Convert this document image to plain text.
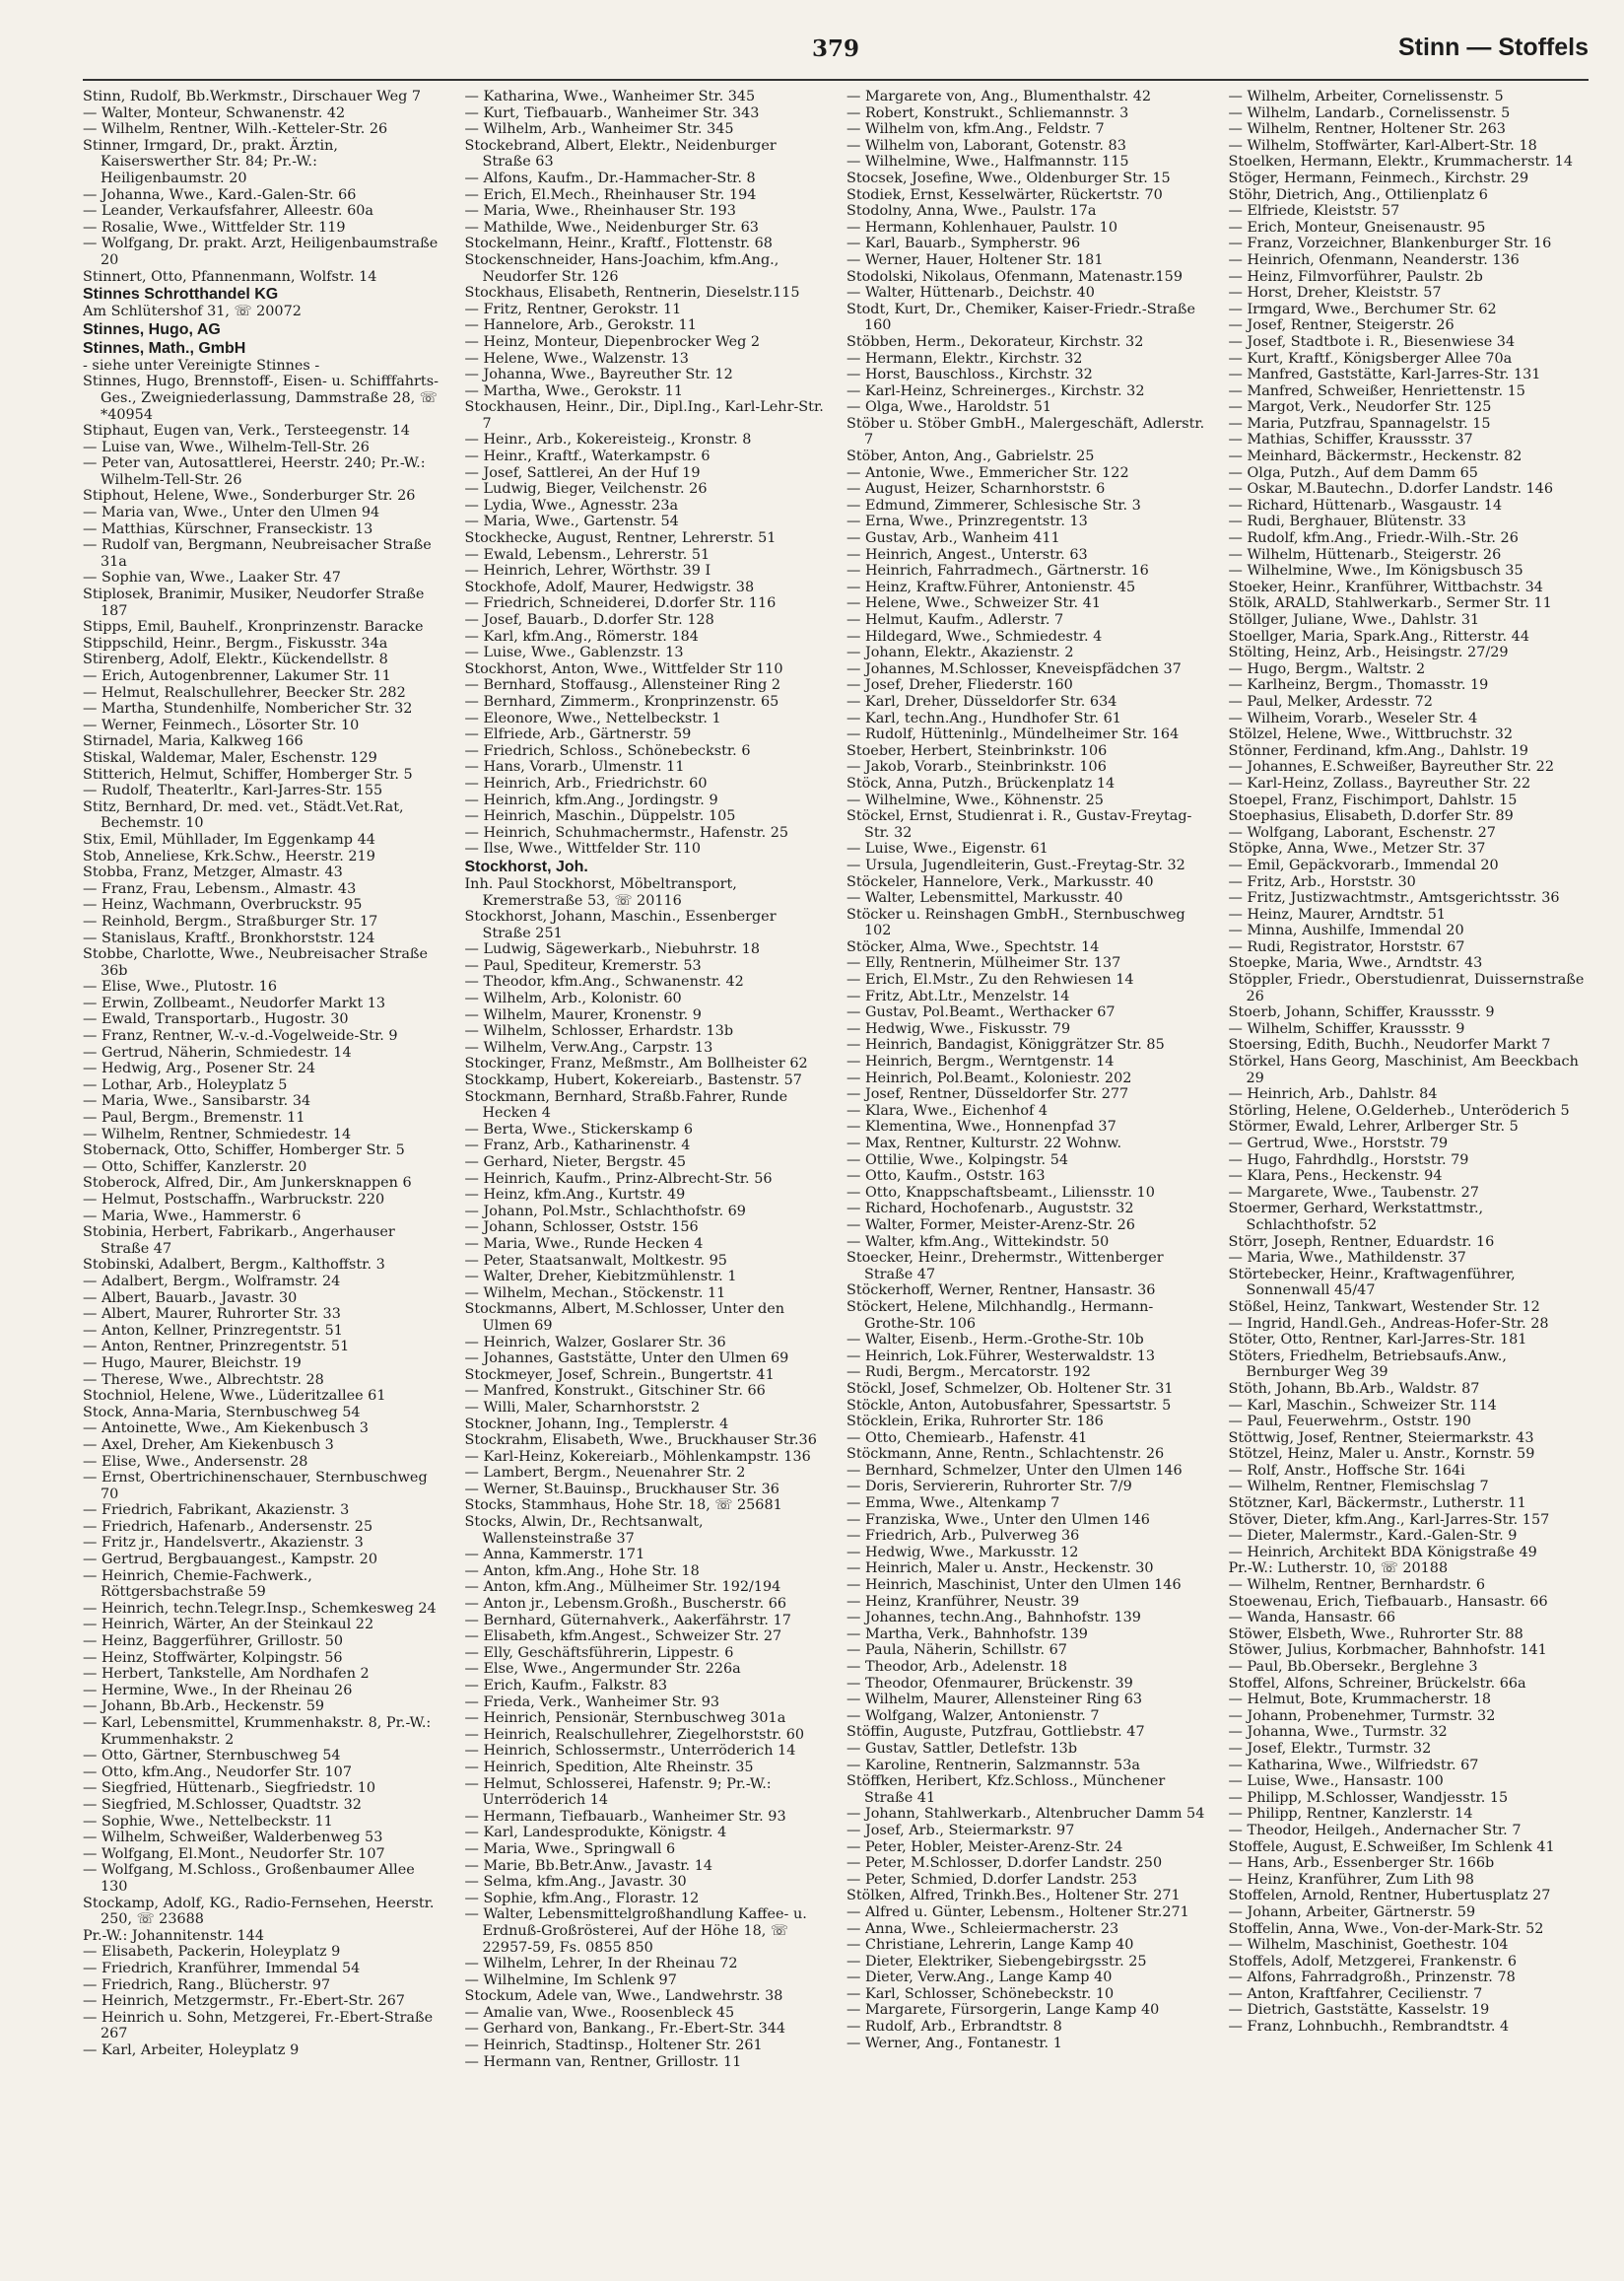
379	Stinn — Stoffels

Stinn, Rudolf, Bb.Werkmstr., Dirschauer Weg 7

— Walter, Monteur, Schwanenstr. 42

— Wilhelm, Rentner, Wilh.-Ketteler-Str. 26

Stinner, Irmgard, Dr., prakt. Ärztin, Kaiserswerther Str. 84; Pr.-W.: Heiligenbaumstr. 20

— Johanna, Wwe., Kard.-Galen-Str. 66

— Leander, Verkaufsfahrer, Alleestr. 60a

— Rosalie, Wwe., Wittfelder Str. 119

— Wolfgang, Dr. prakt. Arzt, Heiligenbaumstraße 20

Stinnert, Otto, Pfannenmann, Wolfstr. 14

Stinnes Schrotthandel KG

Am Schlütershof 31, ☏ 20072

Stinnes, Hugo, AG

Stinnes, Math., GmbH

- siehe unter Vereinigte Stinnes -

Stinnes, Hugo, Brennstoff-, Eisen- u. Schifffahrts-Ges., Zweigniederlassung, Dammstraße 28, ☏ *40954

Stiphaut, Eugen van, Verk., Tersteegenstr. 14

— Luise van, Wwe., Wilhelm-Tell-Str. 26

— Peter van, Autosattlerei, Heerstr. 240; Pr.-W.: Wilhelm-Tell-Str. 26

Stiphout, Helene, Wwe., Sonderburger Str. 26

— Maria van, Wwe., Unter den Ulmen 94

— Matthias, Kürschner, Franseckistr. 13

— Rudolf van, Bergmann, Neubreisacher Straße 31a

— Sophie van, Wwe., Laaker Str. 47

Stiplosek, Branimir, Musiker, Neudorfer Straße 187

Stipps, Emil, Bauhelf., Kronprinzenstr. Baracke

Stippschild, Heinr., Bergm., Fiskusstr. 34a

Stirenberg, Adolf, Elektr., Kückendellstr. 8

— Erich, Autogenbrenner, Lakumer Str. 11

— Helmut, Realschullehrer, Beecker Str. 282

— Martha, Stundenhilfe, Nombericher Str. 32

— Werner, Feinmech., Lösorter Str. 10

Stirnadel, Maria, Kalkweg 166

Stiskal, Waldemar, Maler, Eschenstr. 129

Stitterich, Helmut, Schiffer, Homberger Str. 5

— Rudolf, Theaterltr., Karl-Jarres-Str. 155

Stitz, Bernhard, Dr. med. vet., Städt.Vet.Rat, Bechemstr. 10

Stix, Emil, Mühllader, Im Eggenkamp 44

Stob, Anneliese, Krk.Schw., Heerstr. 219

Stobba, Franz, Metzger, Almastr. 43

— Franz, Frau, Lebensm., Almastr. 43

— Heinz, Wachmann, Overbruckstr. 95

— Reinhold, Bergm., Straßburger Str. 17

— Stanislaus, Kraftf., Bronkhorststr. 124

Stobbe, Charlotte, Wwe., Neubreisacher Straße 36b

— Elise, Wwe., Plutostr. 16

— Erwin, Zollbeamt., Neudorfer Markt 13

— Ewald, Transportarb., Hugostr. 30

— Franz, Rentner, W.-v.-d.-Vogelweide-Str. 9

— Gertrud, Näherin, Schmiedestr. 14

— Hedwig, Arg., Posener Str. 24

— Lothar, Arb., Holeyplatz 5

— Maria, Wwe., Sansibarstr. 34

— Paul, Bergm., Bremenstr. 11

— Wilhelm, Rentner, Schmiedestr. 14

Stobernack, Otto, Schiffer, Homberger Str. 5

— Otto, Schiffer, Kanzlerstr. 20

Stoberock, Alfred, Dir., Am Junkersknappen 6

— Helmut, Postschaffn., Warbruckstr. 220

— Maria, Wwe., Hammerstr. 6

Stobinia, Herbert, Fabrikarb., Angerhauser Straße 47

Stobinski, Adalbert, Bergm., Kalthoffstr. 3

— Adalbert, Bergm., Wolframstr. 24

— Albert, Bauarb., Javastr. 30

— Albert, Maurer, Ruhrorter Str. 33

— Anton, Kellner, Prinzregentstr. 51

— Anton, Rentner, Prinzregentstr. 51

— Hugo, Maurer, Bleichstr. 19

— Therese, Wwe., Albrechtstr. 28

Stochniol, Helene, Wwe., Lüderitzallee 61

Stock, Anna-Maria, Sternbuschweg 54

— Antoinette, Wwe., Am Kiekenbusch 3

— Axel, Dreher, Am Kiekenbusch 3

— Elise, Wwe., Andersenstr. 28

— Ernst, Obertrichinenschauer, Sternbuschweg 70

— Friedrich, Fabrikant, Akazienstr. 3

— Friedrich, Hafenarb., Andersenstr. 25

— Fritz jr., Handelsvertr., Akazienstr. 3

— Gertrud, Bergbauangest., Kampstr. 20

— Heinrich, Chemie-Fachwerk., Röttgersbachstraße 59

— Heinrich, techn.Telegr.Insp., Schemkesweg 24

— Heinrich, Wärter, An der Steinkaul 22

— Heinz, Baggerführer, Grillostr. 50

— Heinz, Stoffwärter, Kolpingstr. 56

— Herbert, Tankstelle, Am Nordhafen 2

— Hermine, Wwe., In der Rheinau 26

— Johann, Bb.Arb., Heckenstr. 59

— Karl, Lebensmittel, Krummenhakstr. 8, Pr.-W.: Krummenhakstr. 2

— Otto, Gärtner, Sternbuschweg 54

— Otto, kfm.Ang., Neudorfer Str. 107

— Siegfried, Hüttenarb., Siegfriedstr. 10

— Siegfried, M.Schlosser, Quadtstr. 32

— Sophie, Wwe., Nettelbeckstr. 11

— Wilhelm, Schweißer, Walderbenweg 53

— Wolfgang, El.Mont., Neudorfer Str. 107

— Wolfgang, M.Schloss., Großenbaumer Allee 130

Stockamp, Adolf, KG., Radio-Fernsehen, Heerstr. 250, ☏ 23688

Pr.-W.: Johannitenstr. 144

— Elisabeth, Packerin, Holeyplatz 9

— Friedrich, Kranführer, Immendal 54

— Friedrich, Rang., Blücherstr. 97

— Heinrich, Metzgermstr., Fr.-Ebert-Str. 267

— Heinrich u. Sohn, Metzgerei, Fr.-Ebert-Straße 267

— Karl, Arbeiter, Holeyplatz 9

— Katharina, Wwe., Wanheimer Str. 345

— Kurt, Tiefbauarb., Wanheimer Str. 343

— Wilhelm, Arb., Wanheimer Str. 345

Stockebrand, Albert, Elektr., Neidenburger Straße 63

— Alfons, Kaufm., Dr.-Hammacher-Str. 8

— Erich, El.Mech., Rheinhauser Str. 194

— Maria, Wwe., Rheinhauser Str. 193

— Mathilde, Wwe., Neidenburger Str. 63

Stockelmann, Heinr., Kraftf., Flottenstr. 68

Stockenschneider, Hans-Joachim, kfm.Ang., Neudorfer Str. 126

Stockhaus, Elisabeth, Rentnerin, Dieselstr.115

— Fritz, Rentner, Gerokstr. 11

— Hannelore, Arb., Gerokstr. 11

— Heinz, Monteur, Diepenbrocker Weg 2

— Helene, Wwe., Walzenstr. 13

— Johanna, Wwe., Bayreuther Str. 12

— Martha, Wwe., Gerokstr. 11

Stockhausen, Heinr., Dir., Dipl.Ing., Karl-Lehr-Str. 7

— Heinr., Arb., Kokereisteig., Kronstr. 8

— Heinr., Kraftf., Waterkampstr. 6

— Josef, Sattlerei, An der Huf 19

— Ludwig, Bieger, Veilchenstr. 26

— Lydia, Wwe., Agnesstr. 23a

— Maria, Wwe., Gartenstr. 54

Stockhecke, August, Rentner, Lehrerstr. 51

— Ewald, Lebensm., Lehrerstr. 51

— Heinrich, Lehrer, Wörthstr. 39 I

Stockhofe, Adolf, Maurer, Hedwigstr. 38

— Friedrich, Schneiderei, D.dorfer Str. 116

— Josef, Bauarb., D.dorfer Str. 128

— Karl, kfm.Ang., Römerstr. 184

— Luise, Wwe., Gablenzstr. 13

Stockhorst, Anton, Wwe., Wittfelder Str 110

— Bernhard, Stoffausg., Allensteiner Ring 2

— Bernhard, Zimmerm., Kronprinzenstr. 65

— Eleonore, Wwe., Nettelbeckstr. 1

— Elfriede, Arb., Gärtnerstr. 59

— Friedrich, Schloss., Schönebeckstr. 6

— Hans, Vorarb., Ulmenstr. 11

— Heinrich, Arb., Friedrichstr. 60

— Heinrich, kfm.Ang., Jordingstr. 9

— Heinrich, Maschin., Düppelstr. 105

— Heinrich, Schuhmachermstr., Hafenstr. 25

— Ilse, Wwe., Wittfelder Str. 110

Stockhorst, Joh.

Inh. Paul Stockhorst, Möbeltransport, Kremerstraße 53, ☏ 20116

Stockhorst, Johann, Maschin., Essenberger Straße 251

— Ludwig, Sägewerkarb., Niebuhrstr. 18

— Paul, Spediteur, Kremerstr. 53

— Theodor, kfm.Ang., Schwanenstr. 42

— Wilhelm, Arb., Kolonistr. 60

— Wilhelm, Maurer, Kronenstr. 9

— Wilhelm, Schlosser, Erhardstr. 13b

— Wilhelm, Verw.Ang., Carpstr. 13

Stockinger, Franz, Meßmstr., Am Bollheister 62

Stockkamp, Hubert, Kokereiarb., Bastenstr. 57

Stockmann, Bernhard, Straßb.Fahrer, Runde Hecken 4

— Berta, Wwe., Stickerskamp 6

— Franz, Arb., Katharinenstr. 4

— Gerhard, Nieter, Bergstr. 45

— Heinrich, Kaufm., Prinz-Albrecht-Str. 56

— Heinz, kfm.Ang., Kurtstr. 49

— Johann, Pol.Mstr., Schlachthofstr. 69

— Johann, Schlosser, Oststr. 156

— Maria, Wwe., Runde Hecken 4

— Peter, Staatsanwalt, Moltkestr. 95

— Walter, Dreher, Kiebitzmühlenstr. 1

— Wilhelm, Mechan., Stöckenstr. 11

Stockmanns, Albert, M.Schlosser, Unter den Ulmen 69

— Heinrich, Walzer, Goslarer Str. 36

— Johannes, Gaststätte, Unter den Ulmen 69

Stockmeyer, Josef, Schrein., Bungertstr. 41

— Manfred, Konstrukt., Gitschiner Str. 66

— Willi, Maler, Scharnhorststr. 2

Stockner, Johann, Ing., Templerstr. 4

Stockrahm, Elisabeth, Wwe., Bruckhauser Str.36

— Karl-Heinz, Kokereiarb., Möhlenkampstr. 136

— Lambert, Bergm., Neuenahrer Str. 2

— Werner, St.Bauinsp., Bruckhauser Str. 36

Stocks, Stammhaus, Hohe Str. 18, ☏ 25681

Stocks, Alwin, Dr., Rechtsanwalt, Wallensteinstraße 37

— Anna, Kammerstr. 171

— Anton, kfm.Ang., Hohe Str. 18

— Anton, kfm.Ang., Mülheimer Str. 192/194

— Anton jr., Lebensm.Großh., Buscherstr. 66

— Bernhard, Güternahverk., Aakerfährstr. 17

— Elisabeth, kfm.Angest., Schweizer Str. 27

— Elly, Geschäftsführerin, Lippestr. 6

— Else, Wwe., Angermunder Str. 226a

— Erich, Kaufm., Falkstr. 83

— Frieda, Verk., Wanheimer Str. 93

— Heinrich, Pensionär, Sternbuschweg 301a

— Heinrich, Realschullehrer, Ziegelhorststr. 60

— Heinrich, Schlossermstr., Unterröderich 14

— Heinrich, Spedition, Alte Rheinstr. 35

— Helmut, Schlosserei, Hafenstr. 9; Pr.-W.: Unterröderich 14

— Hermann, Tiefbauarb., Wanheimer Str. 93

— Karl, Landesprodukte, Königstr. 4

— Maria, Wwe., Springwall 6

— Marie, Bb.Betr.Anw., Javastr. 14

— Selma, kfm.Ang., Javastr. 30

— Sophie, kfm.Ang., Florastr. 12

— Walter, Lebensmittelgroßhandlung Kaffee- u. Erdnuß-Großrösterei, Auf der Höhe 18, ☏ 22957-59, Fs. 0855 850

— Wilhelm, Lehrer, In der Rheinau 72

— Wilhelmine, Im Schlenk 97

Stockum, Adele van, Wwe., Landwehrstr. 38

— Amalie van, Wwe., Roosenbleck 45

— Gerhard von, Bankang., Fr.-Ebert-Str. 344

— Heinrich, Stadtinsp., Holtener Str. 261

— Hermann van, Rentner, Grillostr. 11

— Margarete von, Ang., Blumenthalstr. 42

— Robert, Konstrukt., Schliemannstr. 3

— Wilhelm von, kfm.Ang., Feldstr. 7

— Wilhelm von, Laborant, Gotenstr. 83

— Wilhelmine, Wwe., Halfmannstr. 115

Stocsek, Josefine, Wwe., Oldenburger Str. 15

Stodiek, Ernst, Kesselwärter, Rückertstr. 70

Stodolny, Anna, Wwe., Paulstr. 17a

— Hermann, Kohlenhauer, Paulstr. 10

— Karl, Bauarb., Sympherstr. 96

— Werner, Hauer, Holtener Str. 181

Stodolski, Nikolaus, Ofenmann, Matenastr.159

— Walter, Hüttenarb., Deichstr. 40

Stodt, Kurt, Dr., Chemiker, Kaiser-Friedr.-Straße 160

Stöbben, Herm., Dekorateur, Kirchstr. 32

— Hermann, Elektr., Kirchstr. 32

— Horst, Bauschloss., Kirchstr. 32

— Karl-Heinz, Schreinerges., Kirchstr. 32

— Olga, Wwe., Haroldstr. 51

Stöber u. Stöber GmbH., Malergeschäft, Adlerstr. 7

Stöber, Anton, Ang., Gabrielstr. 25

— Antonie, Wwe., Emmericher Str. 122

— August, Heizer, Scharnhorststr. 6

— Edmund, Zimmerer, Schlesische Str. 3

— Erna, Wwe., Prinzregentstr. 13

— Gustav, Arb., Wanheim 411

— Heinrich, Angest., Unterstr. 63

— Heinrich, Fahrradmech., Gärtnerstr. 16

— Heinz, Kraftw.Führer, Antonienstr. 45

— Helene, Wwe., Schweizer Str. 41

— Helmut, Kaufm., Adlerstr. 7

— Hildegard, Wwe., Schmiedestr. 4

— Johann, Elektr., Akazienstr. 2

— Johannes, M.Schlosser, Kneveispfädchen 37

— Josef, Dreher, Fliederstr. 160

— Karl, Dreher, Düsseldorfer Str. 634

— Karl, techn.Ang., Hundhofer Str. 61

— Rudolf, Hütteninlg., Mündelheimer Str. 164

Stoeber, Herbert, Steinbrinkstr. 106

— Jakob, Vorarb., Steinbrinkstr. 106

Stöck, Anna, Putzh., Brückenplatz 14

— Wilhelmine, Wwe., Köhnenstr. 25

Stöckel, Ernst, Studienrat i. R., Gustav-Freytag-Str. 32

— Luise, Wwe., Eigenstr. 61

— Ursula, Jugendleiterin, Gust.-Freytag-Str. 32

Stöckeler, Hannelore, Verk., Markusstr. 40

— Walter, Lebensmittel, Markusstr. 40

Stöcker u. Reinshagen GmbH., Sternbuschweg 102

Stöcker, Alma, Wwe., Spechtstr. 14

— Elly, Rentnerin, Mülheimer Str. 137

— Erich, El.Mstr., Zu den Rehwiesen 14

— Fritz, Abt.Ltr., Menzelstr. 14

— Gustav, Pol.Beamt., Werthacker 67

— Hedwig, Wwe., Fiskusstr. 79

— Heinrich, Bandagist, Königgrätzer Str. 85

— Heinrich, Bergm., Werntgenstr. 14

— Heinrich, Pol.Beamt., Koloniestr. 202

— Josef, Rentner, Düsseldorfer Str. 277

— Klara, Wwe., Eichenhof 4

— Klementina, Wwe., Honnenpfad 37

— Max, Rentner, Kulturstr. 22 Wohnw.

— Ottilie, Wwe., Kolpingstr. 54

— Otto, Kaufm., Oststr. 163

— Otto, Knappschaftsbeamt., Liliensstr. 10

— Richard, Hochofenarb., Auguststr. 32

— Walter, Former, Meister-Arenz-Str. 26

— Walter, kfm.Ang., Wittekindstr. 50

Stoecker, Heinr., Drehermstr., Wittenberger Straße 47

Stöckerhoff, Werner, Rentner, Hansastr. 36

Stöckert, Helene, Milchhandlg., Hermann-Grothe-Str. 106

— Walter, Eisenb., Herm.-Grothe-Str. 10b

— Heinrich, Lok.Führer, Westerwaldstr. 13

— Rudi, Bergm., Mercatorstr. 192

Stöckl, Josef, Schmelzer, Ob. Holtener Str. 31

Stöckle, Anton, Autobusfahrer, Spessartstr. 5

Stöcklein, Erika, Ruhrorter Str. 186

— Otto, Chemiearb., Hafenstr. 41

Stöckmann, Anne, Rentn., Schlachtenstr. 26

— Bernhard, Schmelzer, Unter den Ulmen 146

— Doris, Serviererin, Ruhrorter Str. 7/9

— Emma, Wwe., Altenkamp 7

— Franziska, Wwe., Unter den Ulmen 146

— Friedrich, Arb., Pulverweg 36

— Hedwig, Wwe., Markusstr. 12

— Heinrich, Maler u. Anstr., Heckenstr. 30

— Heinrich, Maschinist, Unter den Ulmen 146

— Heinz, Kranführer, Neustr. 39

— Johannes, techn.Ang., Bahnhofstr. 139

— Martha, Verk., Bahnhofstr. 139

— Paula, Näherin, Schillstr. 67

— Theodor, Arb., Adelenstr. 18

— Theodor, Ofenmaurer, Brückenstr. 39

— Wilhelm, Maurer, Allensteiner Ring 63

— Wolfgang, Walzer, Antonienstr. 7

Stöffin, Auguste, Putzfrau, Gottliebstr. 47

— Gustav, Sattler, Detlefstr. 13b

— Karoline, Rentnerin, Salzmannstr. 53a

Stöffken, Heribert, Kfz.Schloss., Münchener Straße 41

— Johann, Stahlwerkarb., Altenbrucher Damm 54

— Josef, Arb., Steiermarkstr. 97

— Peter, Hobler, Meister-Arenz-Str. 24

— Peter, M.Schlosser, D.dorfer Landstr. 250

— Peter, Schmied, D.dorfer Landstr. 253

Stölken, Alfred, Trinkh.Bes., Holtener Str. 271

— Alfred u. Günter, Lebensm., Holtener Str.271

— Anna, Wwe., Schleiermacherstr. 23

— Christiane, Lehrerin, Lange Kamp 40

— Dieter, Elektriker, Siebengebirgsstr. 25

— Dieter, Verw.Ang., Lange Kamp 40

— Karl, Schlosser, Schönebeckstr. 10

— Margarete, Fürsorgerin, Lange Kamp 40

— Rudolf, Arb., Erbrandtstr. 8

— Werner, Ang., Fontanestr. 1

— Wilhelm, Arbeiter, Cornelissenstr. 5

— Wilhelm, Landarb., Cornelissenstr. 5

— Wilhelm, Rentner, Holtener Str. 263

— Wilhelm, Stoffwärter, Karl-Albert-Str. 18

Stoelken, Hermann, Elektr., Krummacherstr. 14

Stöger, Hermann, Feinmech., Kirchstr. 29

Stöhr, Dietrich, Ang., Ottilienplatz 6

— Elfriede, Kleiststr. 57

— Erich, Monteur, Gneisenaustr. 95

— Franz, Vorzeichner, Blankenburger Str. 16

— Heinrich, Ofenmann, Neanderstr. 136

— Heinz, Filmvorführer, Paulstr. 2b

— Horst, Dreher, Kleiststr. 57

— Irmgard, Wwe., Berchumer Str. 62

— Josef, Rentner, Steigerstr. 26

— Josef, Stadtbote i. R., Biesenwiese 34

— Kurt, Kraftf., Königsberger Allee 70a

— Manfred, Gaststätte, Karl-Jarres-Str. 131

— Manfred, Schweißer, Henriettenstr. 15

— Margot, Verk., Neudorfer Str. 125

— Maria, Putzfrau, Spannagelstr. 15

— Mathias, Schiffer, Kraussstr. 37

— Meinhard, Bäckermstr., Heckenstr. 82

— Olga, Putzh., Auf dem Damm 65

— Oskar, M.Bautechn., D.dorfer Landstr. 146

— Richard, Hüttenarb., Wasgaustr. 14

— Rudi, Berghauer, Blütenstr. 33

— Rudolf, kfm.Ang., Friedr.-Wilh.-Str. 26

— Wilhelm, Hüttenarb., Steigerstr. 26

— Wilhelmine, Wwe., Im Königsbusch 35

Stoeker, Heinr., Kranführer, Wittbachstr. 34

Stölk, ARALD, Stahlwerkarb., Sermer Str. 11

Stöllger, Juliane, Wwe., Dahlstr. 31

Stoellger, Maria, Spark.Ang., Ritterstr. 44

Stölting, Heinz, Arb., Heisingstr. 27/29

— Hugo, Bergm., Waltstr. 2

— Karlheinz, Bergm., Thomasstr. 19

— Paul, Melker, Ardesstr. 72

— Wilheim, Vorarb., Weseler Str. 4

Stölzel, Helene, Wwe., Wittbruchstr. 32

Stönner, Ferdinand, kfm.Ang., Dahlstr. 19

— Johannes, E.Schweißer, Bayreuther Str. 22

— Karl-Heinz, Zollass., Bayreuther Str. 22

Stoepel, Franz, Fischimport, Dahlstr. 15

Stoephasius, Elisabeth, D.dorfer Str. 89

— Wolfgang, Laborant, Eschenstr. 27

Stöpke, Anna, Wwe., Metzer Str. 37

— Emil, Gepäckvorarb., Immendal 20

— Fritz, Arb., Horststr. 30

— Fritz, Justizwachtmstr., Amtsgerichtsstr. 36

— Heinz, Maurer, Arndtstr. 51

— Minna, Aushilfe, Immendal 20

— Rudi, Registrator, Horststr. 67

Stoepke, Maria, Wwe., Arndtstr. 43

Stöppler, Friedr., Oberstudienrat, Duissernstraße 26

Stoerb, Johann, Schiffer, Kraussstr. 9

— Wilhelm, Schiffer, Kraussstr. 9

Stoersing, Edith, Buchh., Neudorfer Markt 7

Störkel, Hans Georg, Maschinist, Am Beeckbach 29

— Heinrich, Arb., Dahlstr. 84

Störling, Helene, O.Gelderheb., Unteröderich 5

Störmer, Ewald, Lehrer, Arlberger Str. 5

— Gertrud, Wwe., Horststr. 79

— Hugo, Fahrdhdlg., Horststr. 79

— Klara, Pens., Heckenstr. 94

— Margarete, Wwe., Taubenstr. 27

Stoermer, Gerhard, Werkstattmstr., Schlachthofstr. 52

Störr, Joseph, Rentner, Eduardstr. 16

— Maria, Wwe., Mathildenstr. 37

Störtebecker, Heinr., Kraftwagenführer, Sonnenwall 45/47

Stößel, Heinz, Tankwart, Westender Str. 12

— Ingrid, Handl.Geh., Andreas-Hofer-Str. 28

Stöter, Otto, Rentner, Karl-Jarres-Str. 181

Stöters, Friedhelm, Betriebsaufs.Anw., Bernburger Weg 39

Stöth, Johann, Bb.Arb., Waldstr. 87

— Karl, Maschin., Schweizer Str. 114

— Paul, Feuerwehrm., Oststr. 190

Stöttwig, Josef, Rentner, Steiermarkstr. 43

Stötzel, Heinz, Maler u. Anstr., Kornstr. 59

— Rolf, Anstr., Hoffsche Str. 164i

— Wilhelm, Rentner, Flemischslag 7

Stötzner, Karl, Bäckermstr., Lutherstr. 11

Stöver, Dieter, kfm.Ang., Karl-Jarres-Str. 157

— Dieter, Malermstr., Kard.-Galen-Str. 9

— Heinrich, Architekt BDA Königstraße 49

Pr.-W.: Lutherstr. 10, ☏ 20188

— Wilhelm, Rentner, Bernhardstr. 6

Stoewenau, Erich, Tiefbauarb., Hansastr. 66

— Wanda, Hansastr. 66

Stöwer, Elsbeth, Wwe., Ruhrorter Str. 88

Stöwer, Julius, Korbmacher, Bahnhofstr. 141

— Paul, Bb.Obersekr., Berglehne 3

Stoffel, Alfons, Schreiner, Brückelstr. 66a

— Helmut, Bote, Krummacherstr. 18

— Johann, Probenehmer, Turmstr. 32

— Johanna, Wwe., Turmstr. 32

— Josef, Elektr., Turmstr. 32

— Katharina, Wwe., Wilfriedstr. 67

— Luise, Wwe., Hansastr. 100

— Philipp, M.Schlosser, Wandjesstr. 15

— Philipp, Rentner, Kanzlerstr. 14

— Theodor, Heilgeh., Andernacher Str. 7

Stoffele, August, E.Schweißer, Im Schlenk 41

— Hans, Arb., Essenberger Str. 166b

— Heinz, Kranführer, Zum Lith 98

Stoffelen, Arnold, Rentner, Hubertusplatz 27

— Johann, Arbeiter, Gärtnerstr. 59

Stoffelin, Anna, Wwe., Von-der-Mark-Str. 52

— Wilhelm, Maschinist, Goethestr. 104

Stoffels, Adolf, Metzgerei, Frankenstr. 6

— Alfons, Fahrradgroßh., Prinzenstr. 78

— Anton, Kraftfahrer, Cecilienstr. 7

— Dietrich, Gaststätte, Kasselstr. 19

— Franz, Lohnbuchh., Rembrandtstr. 4
